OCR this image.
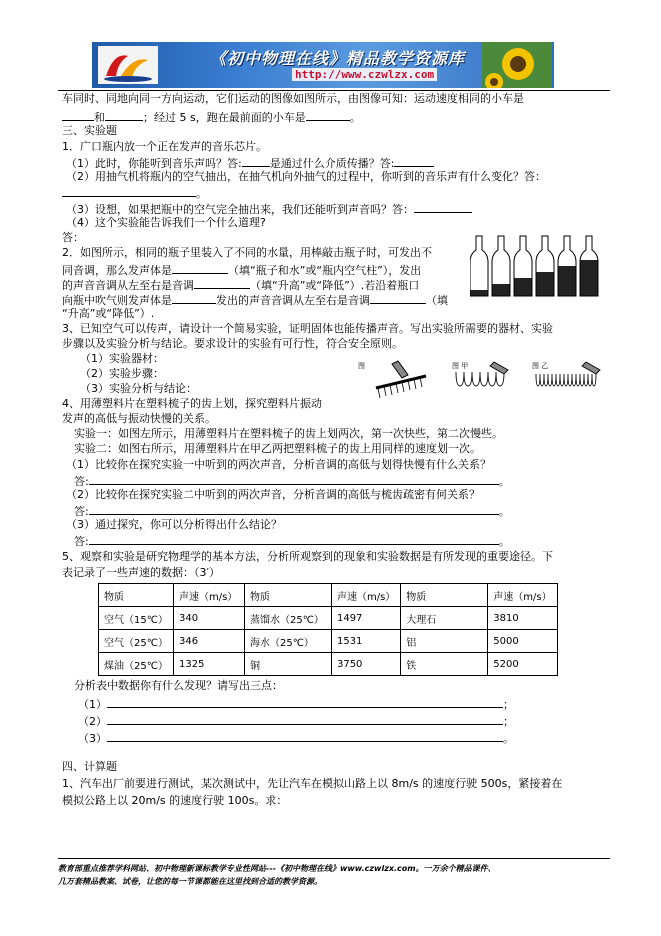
《初中物理在线》精品教学资源库
http://www.czwlzx.com
车同时、同地向同一方向运动，它们运动的图像如图所示，由图像可知：运动速度相同的小车是
和	；经过 5 s，跑在最前面的小车是	。
三、实验题
1．广口瓶内放一个正在发声的音乐芯片。
（1）此时，你能听到音乐声吗？答:	是通过什么介质传播？答:
（2）用抽气机将瓶内的空气抽出，在抽气机向外抽气的过程中，你听到的音乐声有什么变化？答：
。
（3）设想，如果把瓶中的空气完全抽出来，我们还能听到声音吗？答：
（4）这个实验能告诉我们一个什么道理?
答：
2．如图所示，相同的瓶子里装入了不同的水量，用棒敲击瓶子时，可发出不
同音调，那么发声体是	（填“瓶子和水”或“瓶内空气柱”），发出
的声音音调从左至右是音调	（填“升高”或“降低”）.若沿着瓶口
向瓶中吹气则发声体是	发出的声音音调从左至右是音调	（填
“升高”或“降低”）.
3、已知空气可以传声，请设计一个简易实验，证明固体也能传播声音。写出实验所需要的器材、实验
步骤以及实验分析与结论。要求设计的实验有可行性，符合安全原则。
（1）实验器材：
（2）实验步骤：
（3）实验分析与结论：
图	图 甲	图 乙
4、用薄塑料片在塑料梳子的齿上划，探究塑料片振动
发声的高低与振动快慢的关系。
实验一：如图左所示，用薄塑料片在塑料梳子的齿上划两次，第一次快些，第二次慢些。
实验二：如图右所示，用薄塑料片在甲乙两把塑料梳子的齿上用同样的速度划一次。
（1）比较你在探究实验一中听到的两次声音，分析音调的高低与划得快慢有什么关系？
答:	。
（2）比较你在探究实验二中听到的两次声音，分析音调的高低与梳齿疏密有何关系？
答:	。
（3）通过探究，你可以分析得出什么结论？
答:	。
5、观察和实验是研究物理学的基本方法，分析所观察到的现象和实验数据是有所发现的重要途径。下
表记录了一些声速的数据：（3′）
物质	声速（m/s）	物质	声速（m/s）	物质	声速（m/s）
空气（15℃）	340	蒸馏水（25℃）	1497	大理石	3810
空气（25℃）	346	海水（25℃）	1531	铝	5000
煤油（25℃）	1325	铜	3750	铁	5200
分析表中数据你有什么发现？请写出三点：
（1）	；
（2）	；
（3）	。
四、计算题
1、汽车出厂前要进行测试，某次测试中，先让汽车在模拟山路上以 8m/s 的速度行驶 500s，紧接着在
模拟公路上以 20m/s 的速度行驶 100s。求：
教育部重点推荐学科网站、初中物理新课标教学专业性网站---《初中物理在线》www.czwlzx.com。一万余个精品课件、
几万套精品教案、试卷，让您的每一节课都能在这里找到合适的教学资源。
